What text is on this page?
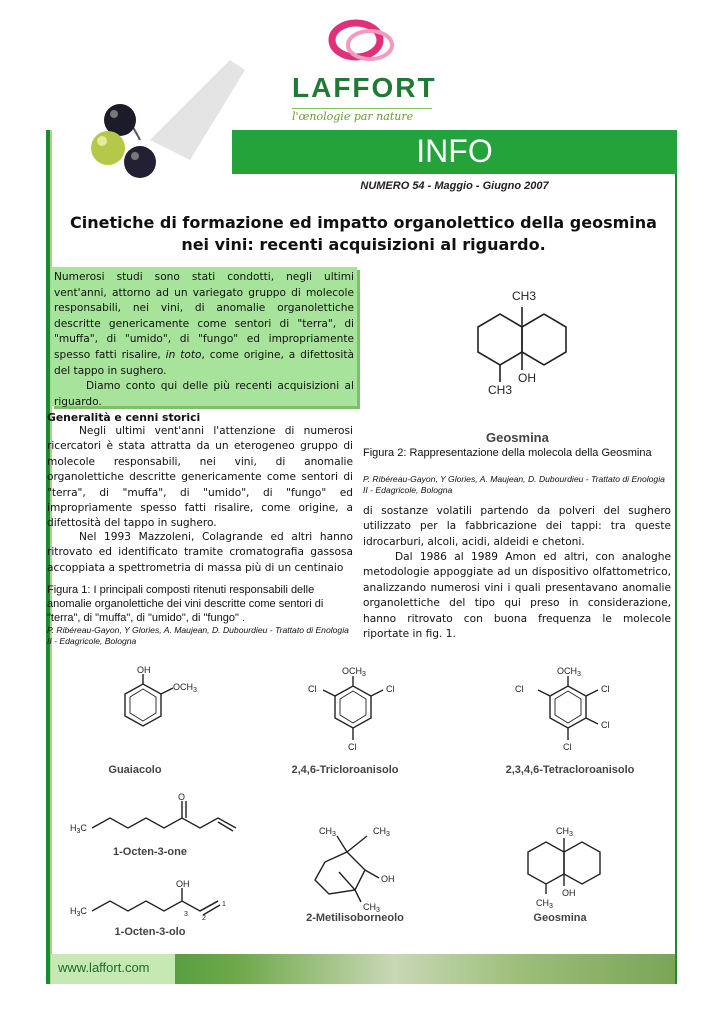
LAFFORT
l'œnologie par nature
INFO
NUMERO 54 - Maggio - Giugno 2007
Cinetiche di formazione ed impatto organolettico della geosmina nei vini: recenti acquisizioni al riguardo.
Numerosi studi sono stati condotti, negli ultimi vent'anni, attorno ad un variegato gruppo di molecole responsabili, nei vini, di anomalie organolettiche descritte genericamente come sentori di "terra", di "muffa", di "umido", di "fungo" ed impropriamente spesso fatti risalire, in toto, come origine, a difettosità del tappo in sughero.
Diamo conto qui delle più recenti acquisizioni al riguardo.
Generalità e cenni storici
Negli ultimi vent'anni l'attenzione di numerosi ricercatori è stata attratta da un eterogeneo gruppo di molecole responsabili, nei vini, di anomalie organolettiche descritte genericamente come sentori di "terra", di "muffa", di "umido", di "fungo" ed impropriamente spesso fatti risalire, come origine, a difettosità del tappo in sughero.
Nel 1993 Mazzoleni, Colagrande ed altri hanno ritrovato ed identificato tramite cromatografia gassosa accoppiata a spettrometria di massa più di un centinaio
Figura 1: I principali composti ritenuti responsabili delle anomalie organolettiche dei vini descritte come sentori di "terra", di "muffa", di "umido", di "fungo" .
P. Ribéreau-Gayon, Y Glories, A. Maujean, D. Dubourdieu - Trattato di Enologia II - Edagricole, Bologna
CH3
OH
CH3
Geosmina
Figura 2: Rappresentazione della molecola della Geosmina
P. Ribéreau-Gayon, Y Glories, A. Maujean, D. Dubourdieu - Trattato di Enologia II - Edagricole, Bologna
di sostanze volatili partendo da polveri del sughero utilizzato per la fabbricazione dei tappi: tra queste idrocarburi, alcoli, acidi, aldeidi e chetoni.
Dal 1986 al 1989 Amon ed altri, con analoghe metodologie appoggiate ad un dispositivo olfattometrico, analizzando numerosi vini i quali presentavano anomalie organolettiche del tipo qui preso in considerazione, hanno ritrovato con buona frequenza le molecole riportate in fig. 1.
OH
$OCH_3$
Guaiacolo
$OCH_3$
Cl	Cl
Cl
2,4,6-Tricloroanisolo
$OCH_3$
Cl	Cl
Cl
Cl
2,3,4,6-Tetracloroanisolo
$H_3C$
O
1-Octen-3-one
$CH_3$	$CH_3$
OH
$CH_3$
2-Metilisoborneolo
$CH_3$
OH
$CH_3$
Geosmina
$H_3C$
OH
3
2
1
1-Octen-3-olo
www.laffort.com
